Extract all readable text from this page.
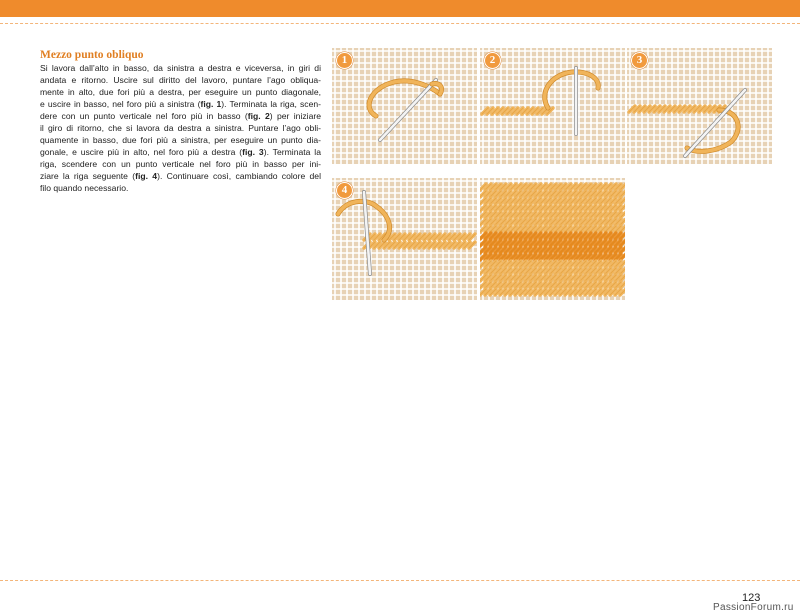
Mezzo punto obliquo
Si lavora dall’alto in basso, da sinistra a destra e viceversa, in giri di
andata e ritorno. Uscire sul diritto del lavoro, puntare l’ago obliqua-
mente in alto, due fori più a destra, per eseguire un punto diagonale,
e uscire in basso, nel foro più a sinistra (fig. 1). Terminata la riga, scen-
dere con un punto verticale nel foro più in basso (fig. 2) per iniziare
il giro di ritorno, che si lavora da destra a sinistra. Puntare l’ago obli-
quamente in basso, due fori più a sinistra, per eseguire un punto dia-
gonale, e uscire più in alto, nel foro più a destra (fig. 3). Terminata la
riga, scendere con un punto verticale nel foro più in basso per ini-
ziare la riga seguente (fig. 4). Continuare così, cambiando colore del
filo quando necessario.
1	2	3
4
123
PassionForum.ru
